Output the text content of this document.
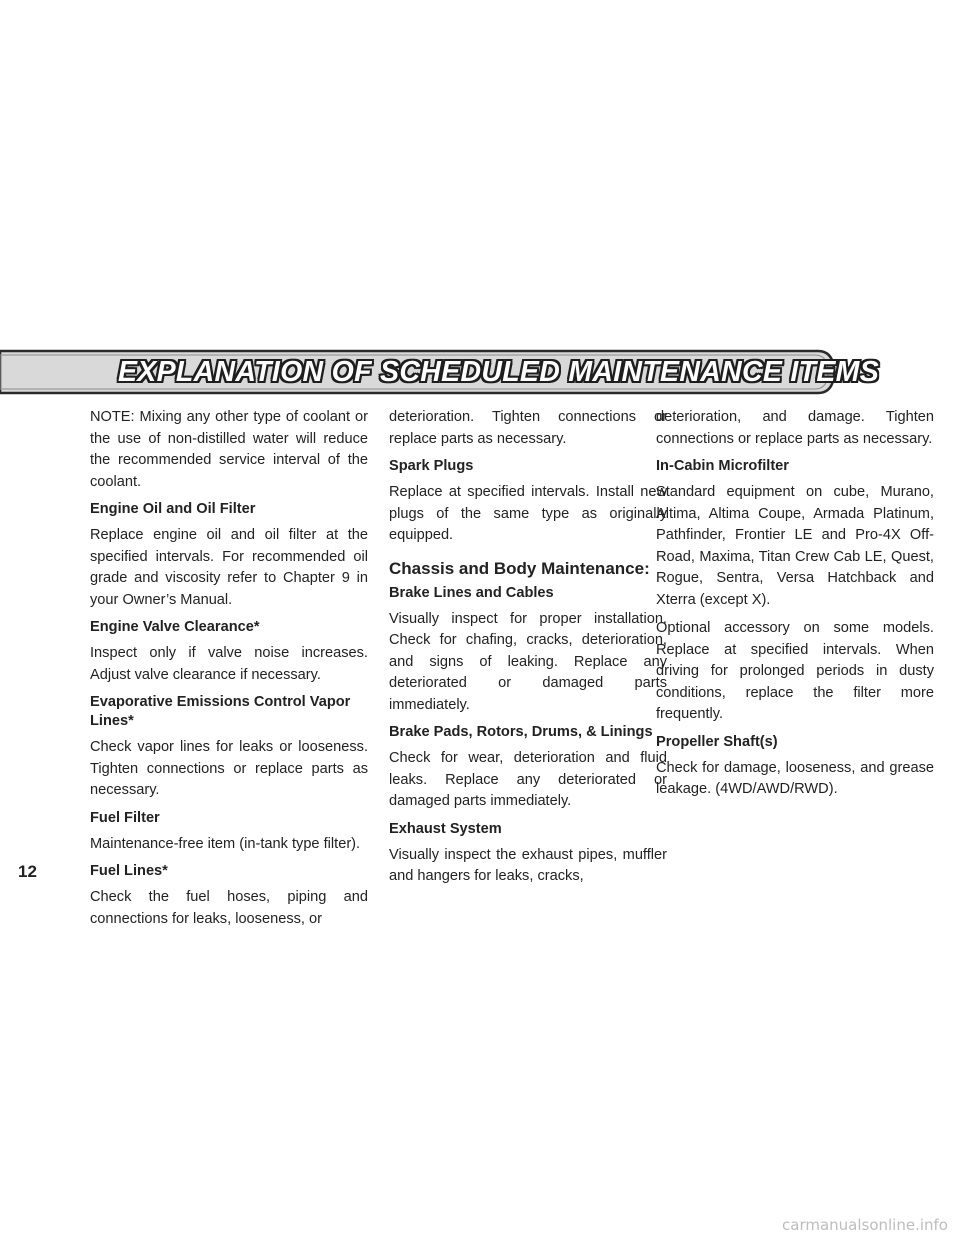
EXPLANATION OF SCHEDULED MAINTENANCE ITEMS

NOTE: Mixing any other type of coolant or the use of non-distilled water will reduce the recommended service interval of the coolant.

Engine Oil and Oil Filter

Replace engine oil and oil filter at the specified intervals. For recommended oil grade and viscosity refer to Chapter 9 in your Owner’s Manual.

Engine Valve Clearance*

Inspect only if valve noise increases. Adjust valve clearance if necessary.

Evaporative Emissions Control Vapor Lines*

Check vapor lines for leaks or looseness. Tighten connections or replace parts as necessary.

Fuel Filter

Maintenance-free item (in-tank type filter).

Fuel Lines*

Check the fuel hoses, piping and connections for leaks, looseness, or

deterioration. Tighten connections or replace parts as necessary.

Spark Plugs

Replace at specified intervals. Install new plugs of the same type as originally equipped.

Chassis and Body Maintenance:
Brake Lines and Cables

Visually inspect for proper installation. Check for chafing, cracks, deterioration, and signs of leaking. Replace any deteriorated or damaged parts immediately.

Brake Pads, Rotors, Drums, & Linings

Check for wear, deterioration and fluid leaks. Replace any deteriorated or damaged parts immediately.

Exhaust System

Visually inspect the exhaust pipes, muffler and hangers for leaks, cracks,

deterioration, and damage. Tighten connections or replace parts as necessary.

In-Cabin Microfilter

Standard equipment on cube, Murano, Altima, Altima Coupe, Armada Platinum, Pathfinder, Frontier LE and Pro-4X Off-Road, Maxima, Titan Crew Cab LE, Quest, Rogue, Sentra, Versa Hatchback and Xterra (except X).

Optional accessory on some models. Replace at specified intervals. When driving for prolonged periods in dusty conditions, replace the filter more frequently.

Propeller Shaft(s)

Check for damage, looseness, and grease leakage. (4WD/AWD/RWD).

12
carmanualsonline.info
